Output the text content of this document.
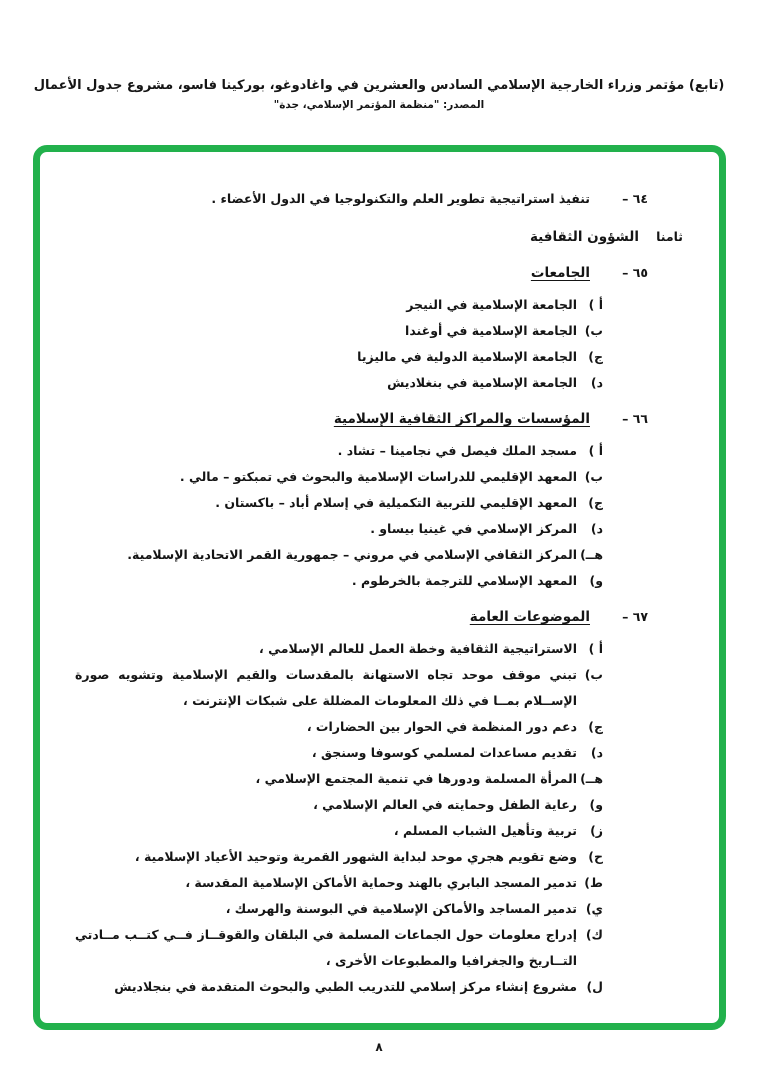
(تابع) مؤتمر وزراء الخارجية الإسلامي السادس والعشرين في واغادوغو، بوركينا فاسو، مشروع جدول الأعمال
المصدر: "منظمة المؤتمر الإسلامي، جدة"
٦٤ –
تنفيذ استراتيجية تطوير العلم والتكنولوجيا في الدول الأعضاء .
ثامنا
الشؤون الثقافية
٦٥ –
الجامعات
أ )
الجامعة الإسلامية في النيجر
ب)
الجامعة الإسلامية في أوغندا
ج)
الجامعة الإسلامية الدولية في ماليزيا
د)
الجامعة الإسلامية في بنغلاديش
٦٦ –
المؤسسات والمراكز الثقافية الإسلامية
أ )
مسجد الملك فيصل في نجامينا – تشاد .
ب)
المعهد الإقليمي للدراسات الإسلامية والبحوث في تمبكتو – مالي .
ج)
المعهد الإقليمي للتربية التكميلية في إسلام أباد – باكستان .
د)
المركز الإسلامي في غينيا بيساو .
هــ)
المركز الثقافي الإسلامي في مروني – جمهورية القمر الاتحادية الإسلامية.
و)
المعهد الإسلامي للترجمة بالخرطوم .
٦٧ –
الموضوعات العامة
أ )
الاستراتيجية الثقافية وخطة العمل للعالم الإسلامي ،
ب)
تبني موقف موحد تجاه الاستهانة بالمقدسات والقيم الإسلامية وتشويه صورة الإســلام بمــا في ذلك المعلومات المضللة على شبكات الإنترنت ،
ج)
دعم دور المنظمة في الحوار بين الحضارات ،
د)
تقديم مساعدات لمسلمي كوسوفا وسنجق ،
هــ)
المرأة المسلمة ودورها في تنمية المجتمع الإسلامي ،
و)
رعاية الطفل وحمايته في العالم الإسلامي ،
ز)
تربية وتأهيل الشباب المسلم ،
ح)
وضع تقويم هجري موحد لبداية الشهور القمرية وتوحيد الأعياد الإسلامية ،
ط)
تدمير المسجد البابري بالهند وحماية الأماكن الإسلامية المقدسة ،
ي)
تدمير المساجد والأماكن الإسلامية في البوسنة والهرسك ،
ك)
إدراج معلومات حول الجماعات المسلمة في البلقان والقوقــاز فــي كتــب مــادتي التــاريخ والجغرافيا والمطبوعات الأخرى ،
ل)
مشروع إنشاء مركز إسلامي للتدريب الطبي والبحوث المتقدمة في بنجلاديش
٨
